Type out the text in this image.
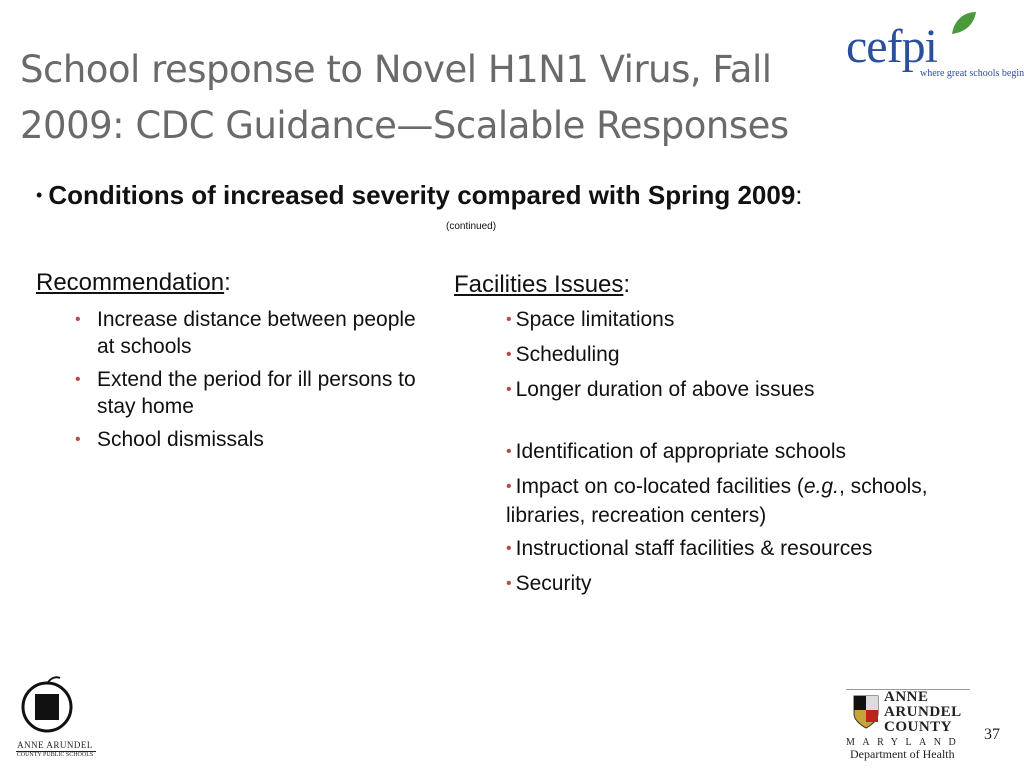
School response to Novel H1N1 Virus, Fall
2009: CDC Guidance—Scalable Responses
cefpi
where great schools begin
• Conditions of increased severity compared with Spring 2009:
(continued)
Recommendation:
• Increase distance between people at schools
• Extend the period for ill persons to stay home
• School dismissals
Facilities Issues:
• Space limitations
• Scheduling
• Longer duration of above issues
• Identification of appropriate schools
• Impact on co-located facilities (e.g., schools, libraries, recreation centers)
• Instructional staff facilities & resources
• Security
ANNE ARUNDEL
COUNTY PUBLIC SCHOOLS
ANNE
ARUNDEL
COUNTY
MARYLAND
Department of Health
37
